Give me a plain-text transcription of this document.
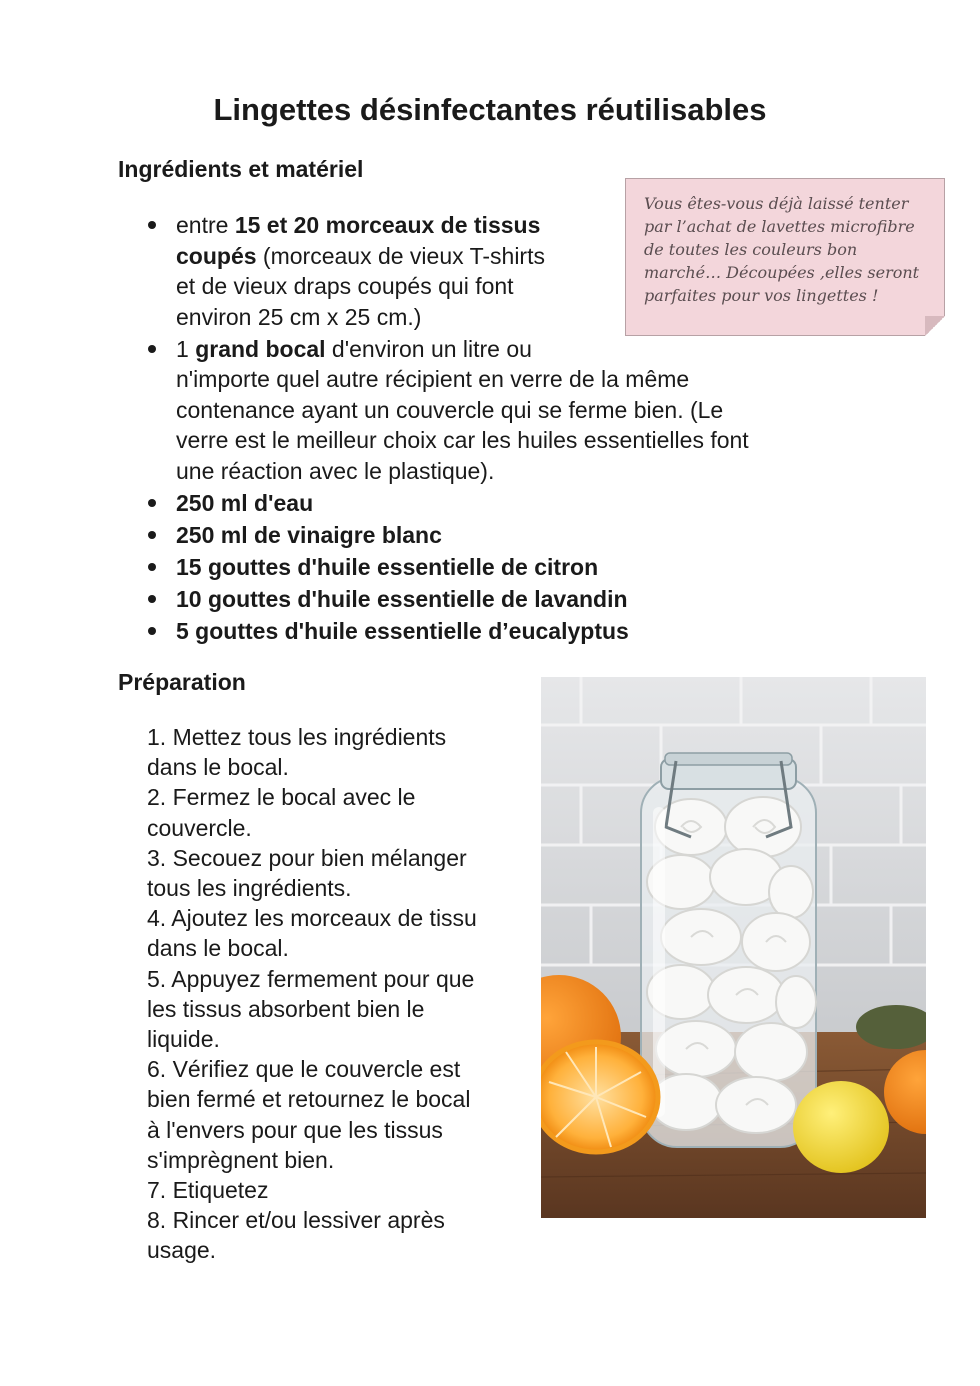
Lingettes désinfectantes réutilisables
Ingrédients et matériel
Vous êtes-vous déjà laissé tenter
par l’achat de lavettes microfibre
de toutes les couleurs bon
marché… Découpées ,elles seront
parfaites pour vos lingettes !
entre 15 et 20 morceaux de tissus
coupés (morceaux de vieux T-shirts
et de vieux draps coupés qui font
environ 25 cm x 25 cm.)
1 grand bocal d'environ un litre ou
n'importe quel autre récipient en verre de la même
contenance ayant un couvercle qui se ferme bien. (Le
verre est le meilleur choix car les huiles essentielles font
une réaction avec le plastique).
250 ml d'eau
250 ml de vinaigre blanc
15 gouttes d'huile essentielle de citron
10 gouttes d'huile essentielle de lavandin
5 gouttes d'huile essentielle d’eucalyptus
Préparation
1. Mettez tous les ingrédients
dans le bocal.
2. Fermez le bocal avec le
couvercle.
3. Secouez pour bien mélanger
tous les ingrédients.
4. Ajoutez les morceaux de tissu
dans le bocal.
5. Appuyez fermement pour que
les tissus absorbent bien le
liquide.
6. Vérifiez que le couvercle est
bien fermé et retournez le bocal
à l'envers pour que les tissus
s'imprègnent bien.
7. Etiquetez
8. Rincer et/ou lessiver après
usage.
